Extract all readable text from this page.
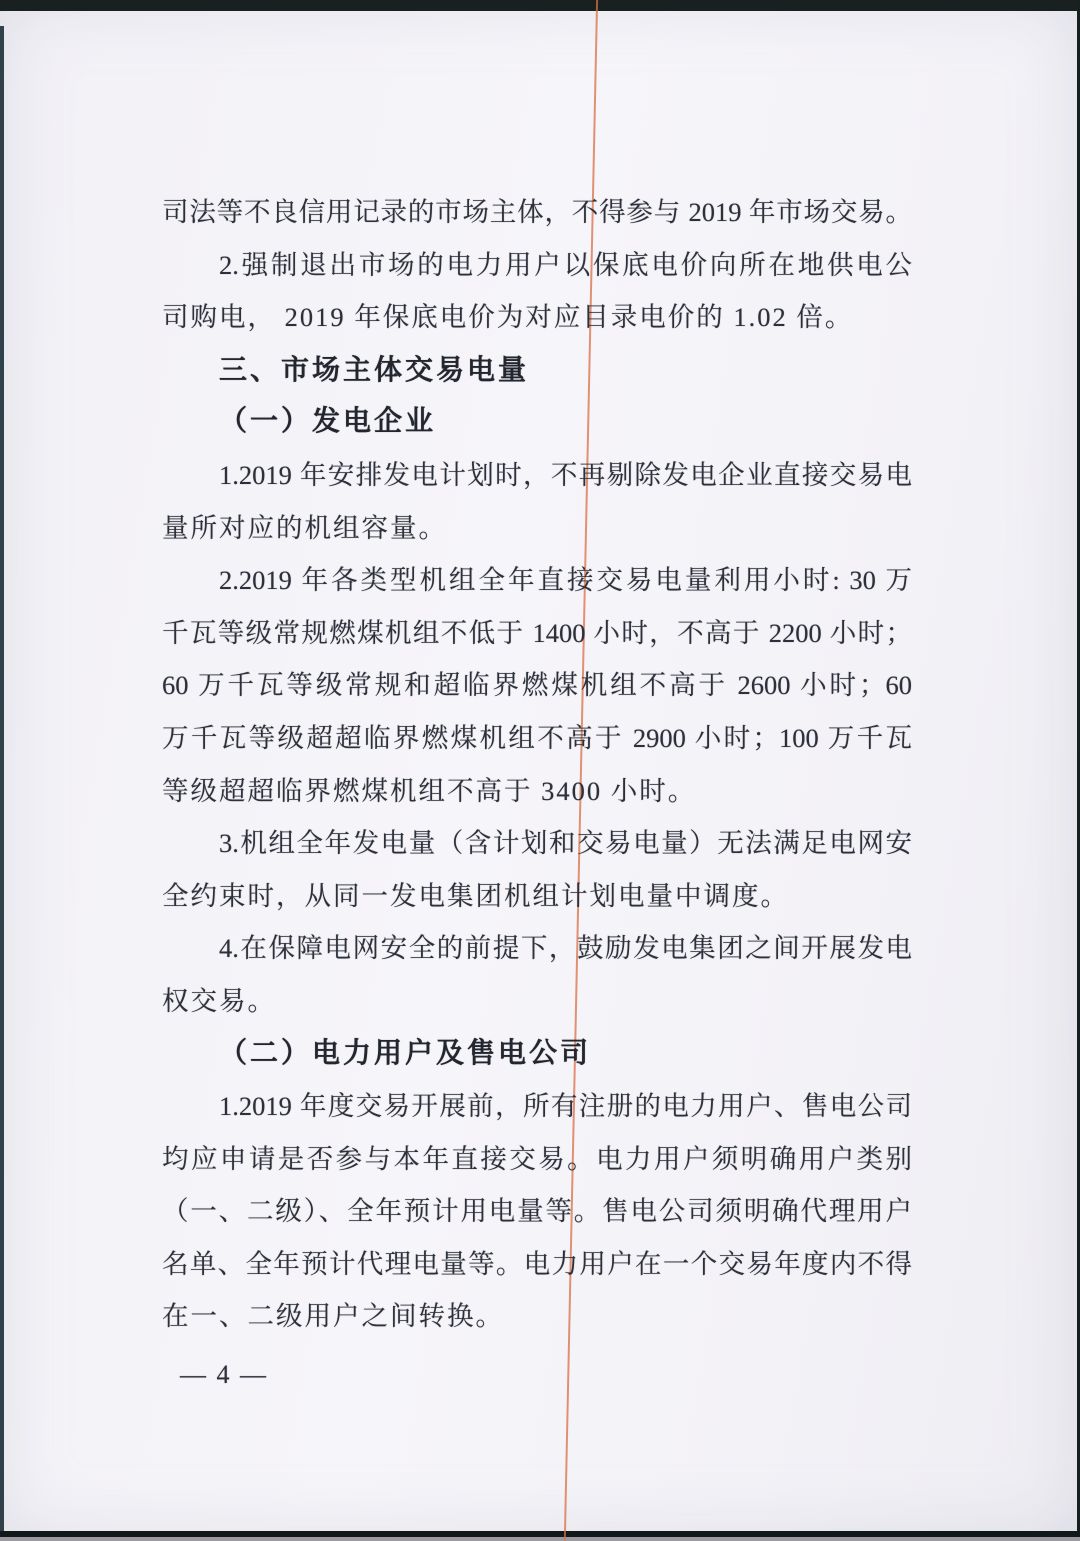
司法等不良信用记录的市场主体，不得参与 2019 年市场交易。
2.强制退出市场的电力用户以保底电价向所在地供电公
司购电， 2019 年保底电价为对应目录电价的 1.02 倍。
三、市场主体交易电量
（一）发电企业
1.2019 年安排发电计划时，不再剔除发电企业直接交易电
量所对应的机组容量。
2.2019 年各类型机组全年直接交易电量利用小时: 30 万
千瓦等级常规燃煤机组不低于 1400 小时，不高于 2200 小时；
60 万千瓦等级常规和超临界燃煤机组不高于 2600 小时；60
万千瓦等级超超临界燃煤机组不高于 2900 小时；100 万千瓦
等级超超临界燃煤机组不高于 3400 小时。
3.机组全年发电量（含计划和交易电量）无法满足电网安
全约束时，从同一发电集团机组计划电量中调度。
4.在保障电网安全的前提下，鼓励发电集团之间开展发电
权交易。
（二）电力用户及售电公司
1.2019 年度交易开展前，所有注册的电力用户、售电公司
均应申请是否参与本年直接交易。电力用户须明确用户类别
（一、二级）、全年预计用电量等。售电公司须明确代理用户
名单、全年预计代理电量等。电力用户在一个交易年度内不得
在一、二级用户之间转换。
— 4 —
